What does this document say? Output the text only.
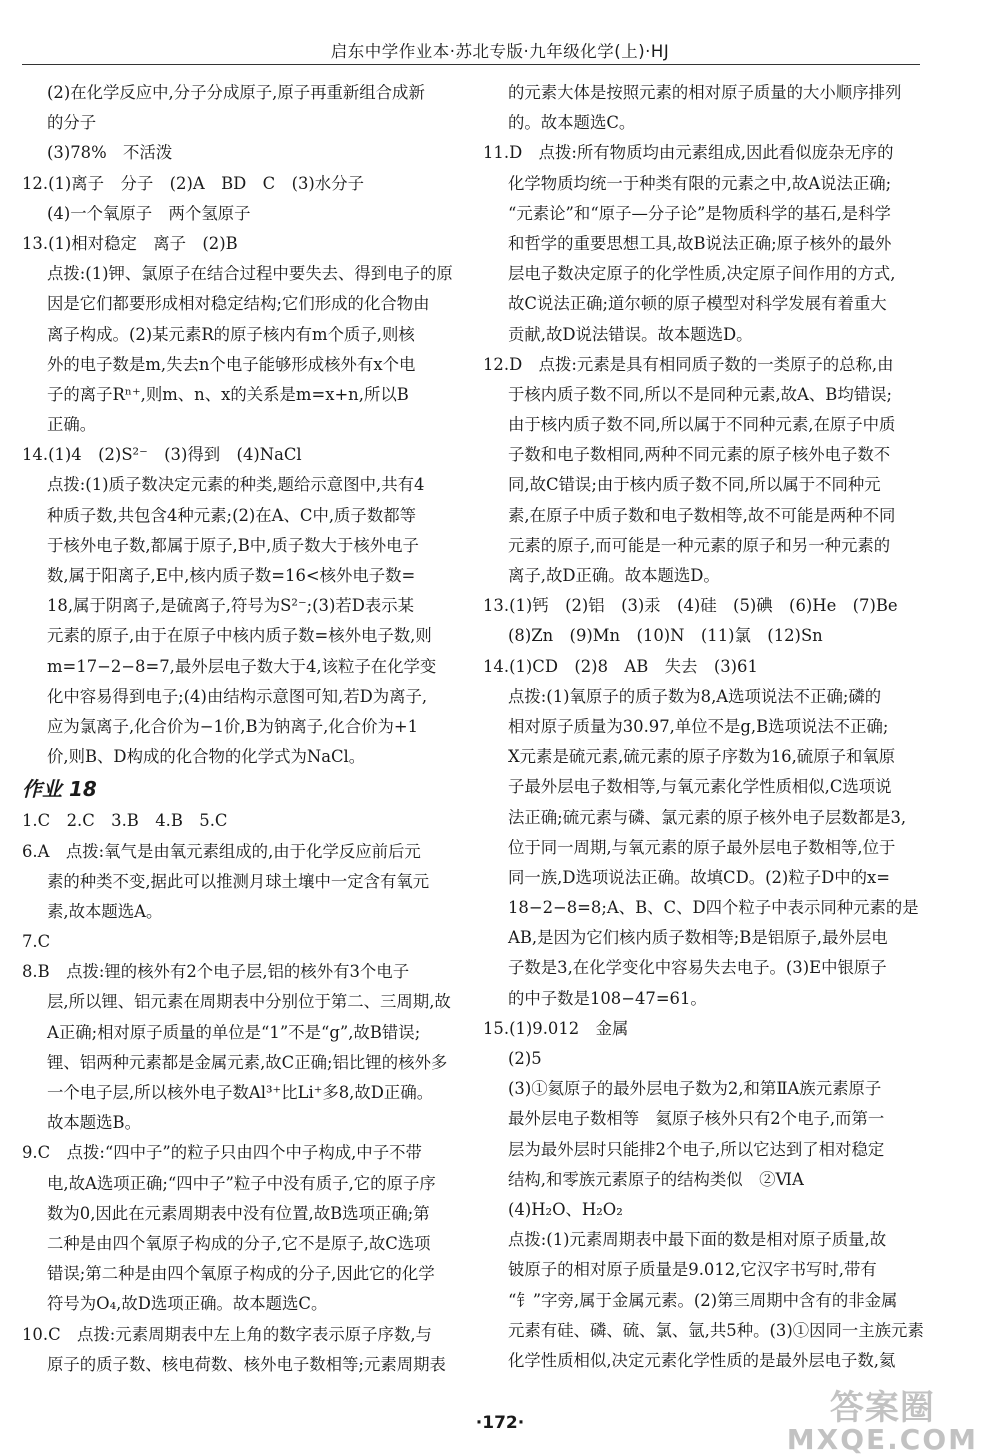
启东中学作业本·苏北专版·九年级化学(上)·HJ
(2)在化学反应中,分子分成原子,原子再重新组合成新
的分子
(3)78%　不活泼
12.(1)离子　分子　(2)A　BD　C　(3)水分子
(4)一个氧原子　两个氢原子
13.(1)相对稳定　离子　(2)B
点拨:(1)钾、氯原子在结合过程中要失去、得到电子的原
因是它们都要形成相对稳定结构;它们形成的化合物由
离子构成。(2)某元素R的原子核内有m个质子,则核
外的电子数是m,失去n个电子能够形成核外有x个电
子的离子Rⁿ⁺,则m、n、x的关系是m=x+n,所以B
正确。
14.(1)4　(2)S²⁻　(3)得到　(4)NaCl
点拨:(1)质子数决定元素的种类,题给示意图中,共有4
种质子数,共包含4种元素;(2)在A、C中,质子数都等
于核外电子数,都属于原子,B中,质子数大于核外电子
数,属于阳离子,E中,核内质子数=16<核外电子数=
18,属于阴离子,是硫离子,符号为S²⁻;(3)若D表示某
元素的原子,由于在原子中核内质子数=核外电子数,则
m=17−2−8=7,最外层电子数大于4,该粒子在化学变
化中容易得到电子;(4)由结构示意图可知,若D为离子,
应为氯离子,化合价为−1价,B为钠离子,化合价为+1
价,则B、D构成的化合物的化学式为NaCl。
作业 18
1.C　2.C　3.B　4.B　5.C
6.A　点拨:氧气是由氧元素组成的,由于化学反应前后元
素的种类不变,据此可以推测月球土壤中一定含有氧元
素,故本题选A。
7.C
8.B　点拨:锂的核外有2个电子层,铝的核外有3个电子
层,所以锂、铝元素在周期表中分别位于第二、三周期,故
A正确;相对原子质量的单位是“1”不是“g”,故B错误;
锂、铝两种元素都是金属元素,故C正确;铝比锂的核外多
一个电子层,所以核外电子数Al³⁺比Li⁺多8,故D正确。
故本题选B。
9.C　点拨:“四中子”的粒子只由四个中子构成,中子不带
电,故A选项正确;“四中子”粒子中没有质子,它的原子序
数为0,因此在元素周期表中没有位置,故B选项正确;第
二种是由四个氧原子构成的分子,它不是原子,故C选项
错误;第二种是由四个氧原子构成的分子,因此它的化学
符号为O₄,故D选项正确。故本题选C。
10.C　点拨:元素周期表中左上角的数字表示原子序数,与
原子的质子数、核电荷数、核外电子数相等;元素周期表
的元素大体是按照元素的相对原子质量的大小顺序排列
的。故本题选C。
11.D　点拨:所有物质均由元素组成,因此看似庞杂无序的
化学物质均统一于种类有限的元素之中,故A说法正确;
“元素论”和“原子—分子论”是物质科学的基石,是科学
和哲学的重要思想工具,故B说法正确;原子核外的最外
层电子数决定原子的化学性质,决定原子间作用的方式,
故C说法正确;道尔顿的原子模型对科学发展有着重大
贡献,故D说法错误。故本题选D。
12.D　点拨:元素是具有相同质子数的一类原子的总称,由
于核内质子数不同,所以不是同种元素,故A、B均错误;
由于核内质子数不同,所以属于不同种元素,在原子中质
子数和电子数相同,两种不同元素的原子核外电子数不
同,故C错误;由于核内质子数不同,所以属于不同种元
素,在原子中质子数和电子数相等,故不可能是两种不同
元素的原子,而可能是一种元素的原子和另一种元素的
离子,故D正确。故本题选D。
13.(1)钙　(2)铝　(3)汞　(4)硅　(5)碘　(6)He　(7)Be
(8)Zn　(9)Mn　(10)N　(11)氯　(12)Sn
14.(1)CD　(2)8　AB　失去　(3)61
点拨:(1)氧原子的质子数为8,A选项说法不正确;磷的
相对原子质量为30.97,单位不是g,B选项说法不正确;
X元素是硫元素,硫元素的原子序数为16,硫原子和氧原
子最外层电子数相等,与氧元素化学性质相似,C选项说
法正确;硫元素与磷、氯元素的原子核外电子层数都是3,
位于同一周期,与氧元素的原子最外层电子数相等,位于
同一族,D选项说法正确。故填CD。(2)粒子D中的x=
18−2−8=8;A、B、C、D四个粒子中表示同种元素的是
AB,是因为它们核内质子数相等;B是铝原子,最外层电
子数是3,在化学变化中容易失去电子。(3)E中银原子
的中子数是108−47=61。
15.(1)9.012　金属
(2)5
(3)①氦原子的最外层电子数为2,和第ⅡA族元素原子
最外层电子数相等　氦原子核外只有2个电子,而第一
层为最外层时只能排2个电子,所以它达到了相对稳定
结构,和零族元素原子的结构类似　②ⅥA
(4)H₂O、H₂O₂
点拨:(1)元素周期表中最下面的数是相对原子质量,故
铍原子的相对原子质量是9.012,它汉字书写时,带有
“钅”字旁,属于金属元素。(2)第三周期中含有的非金属
元素有硅、磷、硫、氯、氩,共5种。(3)①因同一主族元素
化学性质相似,决定元素化学性质的是最外层电子数,氦
·172·	答案圈
MXQE.COM
